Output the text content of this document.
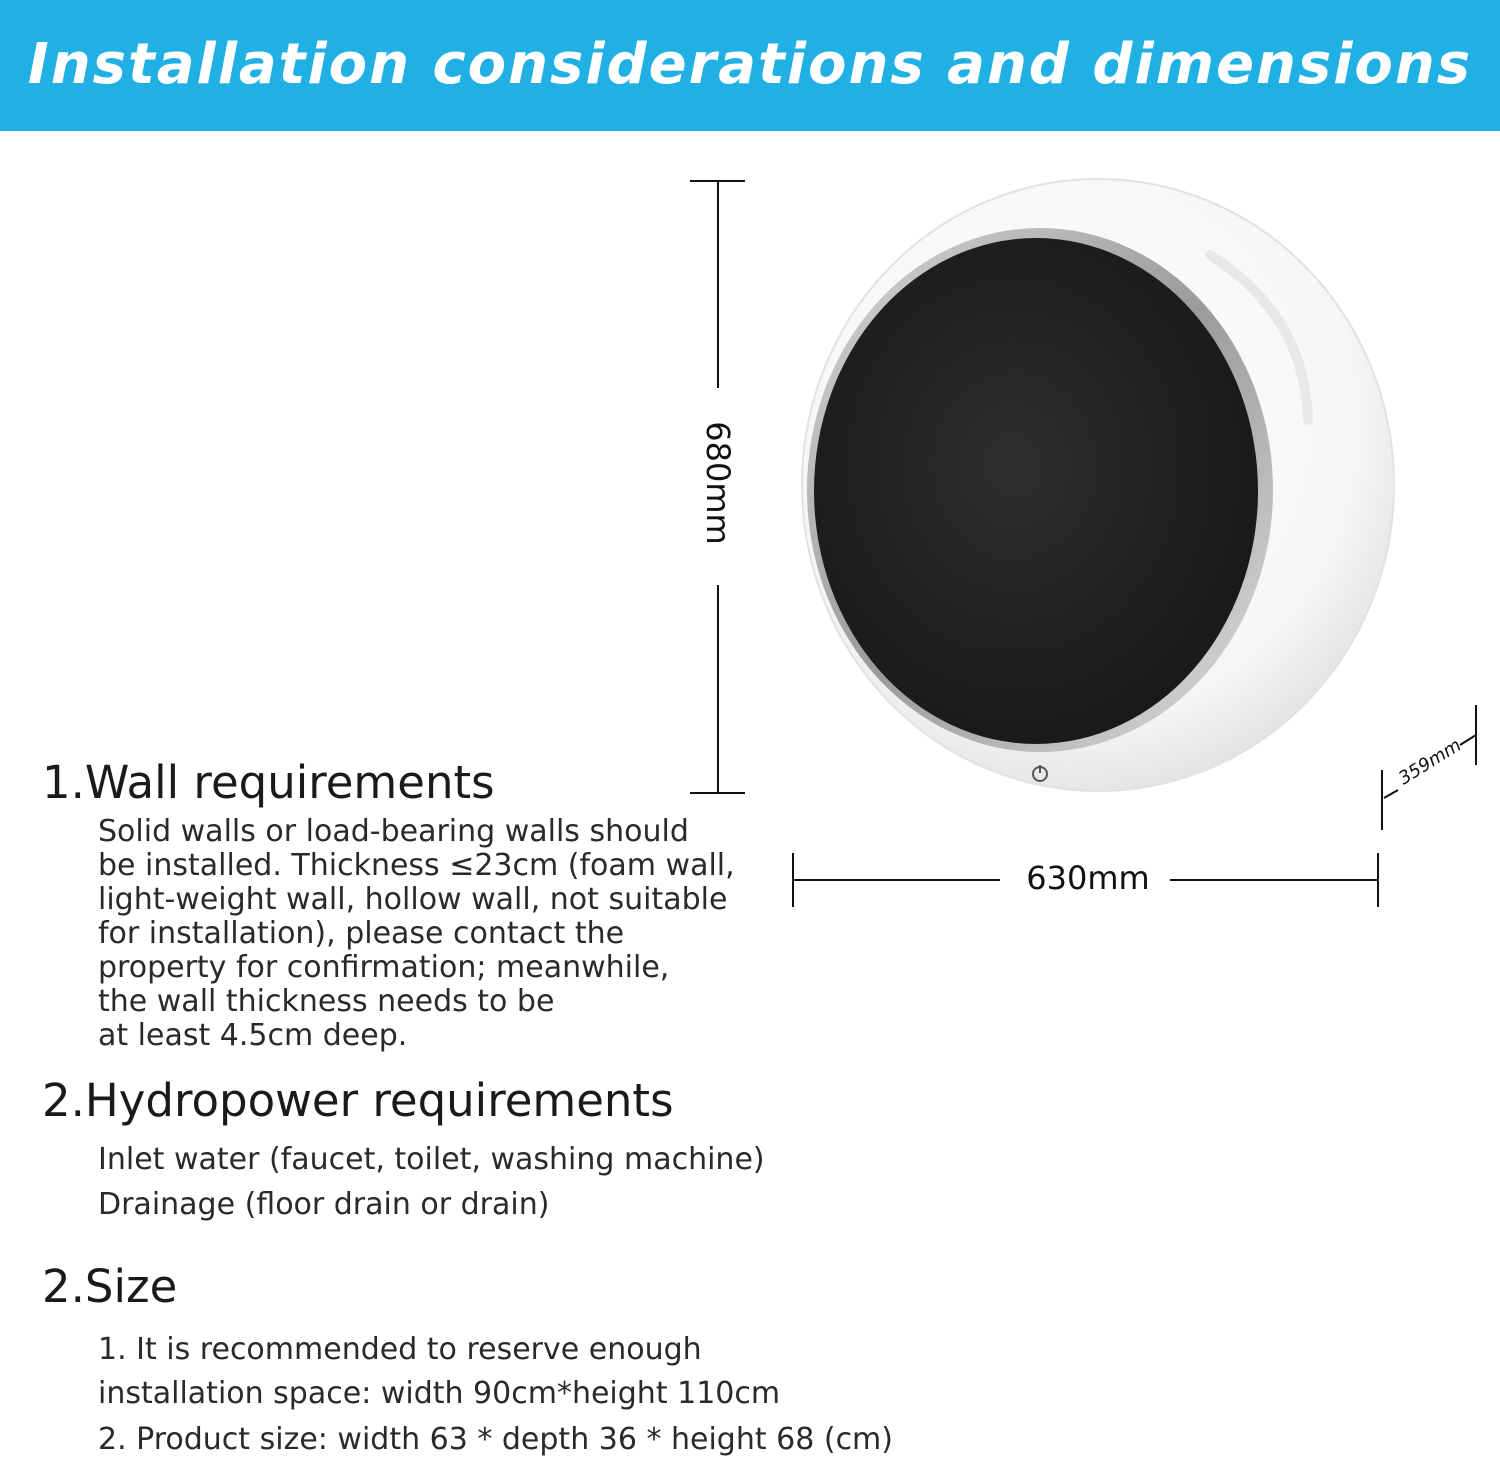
Installation considerations and dimensions
680mm
630mm
359mm
1.Wall requirements
Solid walls or load-bearing walls should
be installed. Thickness ≤23cm (foam wall,
light-weight wall, hollow wall, not suitable
for installation), please contact the
property for confirmation; meanwhile,
the wall thickness needs to be
at least 4.5cm deep.
2.Hydropower requirements
Inlet water (faucet, toilet, washing machine)
Drainage (floor drain or drain)
2.Size
1. It is recommended to reserve enough
installation space: width 90cm*height 110cm
2. Product size: width 63 * depth 36 * height 68 (cm)
